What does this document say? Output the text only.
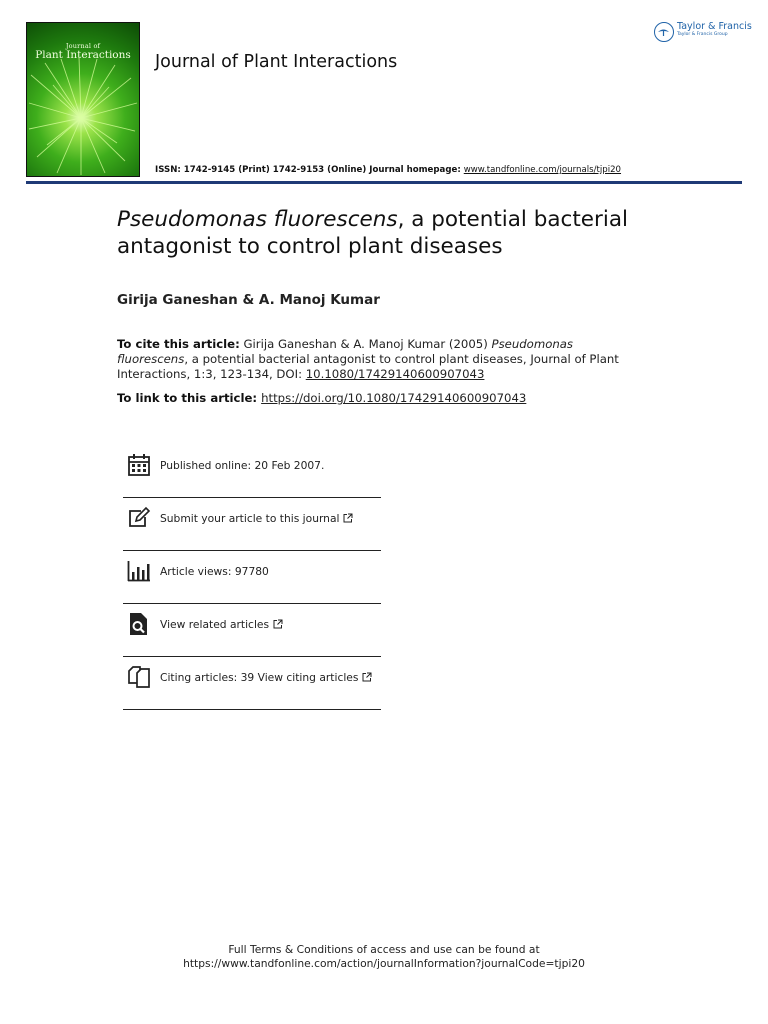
Journal of
Plant Interactions	Journal of Plant Interactions
Taylor & Francis
Taylor & Francis Group
ISSN: 1742-9145 (Print) 1742-9153 (Online) Journal homepage: www.tandfonline.com/journals/tjpi20
Pseudomonas fluorescens, a potential bacterial antagonist to control plant diseases
Girija Ganeshan & A. Manoj Kumar
To cite this article: Girija Ganeshan & A. Manoj Kumar (2005) Pseudomonas fluorescens, a potential bacterial antagonist to control plant diseases, Journal of Plant Interactions, 1:3, 123-134, DOI: 10.1080/17429140600907043
To link to this article: https://doi.org/10.1080/17429140600907043
Published online: 20 Feb 2007.
Submit your article to this journal
Article views: 97780
View related articles
Citing articles: 39 View citing articles
Full Terms & Conditions of access and use can be found at
https://www.tandfonline.com/action/journalInformation?journalCode=tjpi20
